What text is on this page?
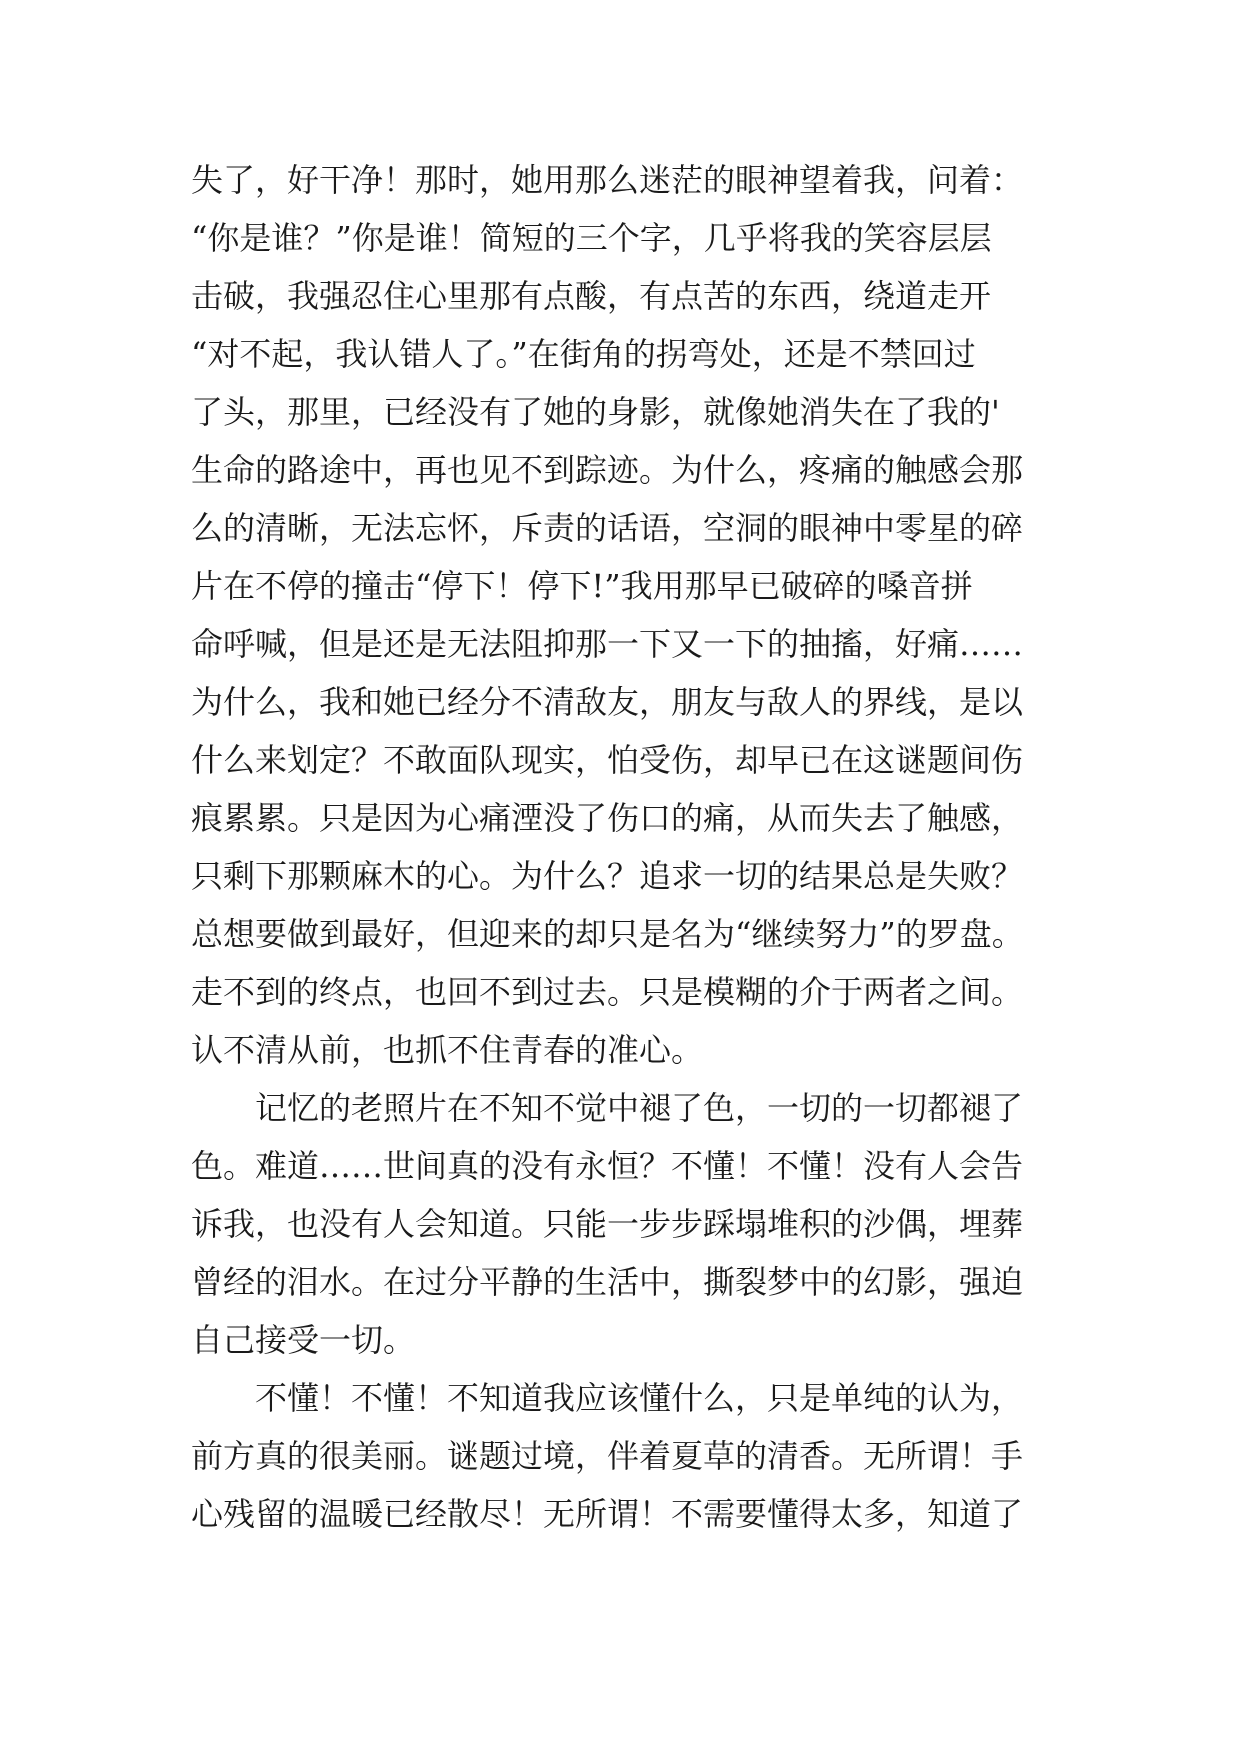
失了，好干净！那时，她用那么迷茫的眼神望着我，问着：
“你是谁？”你是谁！简短的三个字，几乎将我的笑容层层
击破，我强忍住心里那有点酸，有点苦的东西，绕道走开
“对不起，我认错人了。”在街角的拐弯处，还是不禁回过
了头，那里，已经没有了她的身影，就像她消失在了我的'
生命的路途中，再也见不到踪迹。为什么，疼痛的触感会那
么的清晰，无法忘怀，斥责的话语，空洞的眼神中零星的碎
片在不停的撞击“停下！停下!”我用那早已破碎的嗓音拼
命呼喊，但是还是无法阻抑那一下又一下的抽搐，好痛……
为什么，我和她已经分不清敌友，朋友与敌人的界线，是以
什么来划定？不敢面队现实，怕受伤，却早已在这谜题间伤
痕累累。只是因为心痛湮没了伤口的痛，从而失去了触感，
只剩下那颗麻木的心。为什么？追求一切的结果总是失败？
总想要做到最好，但迎来的却只是名为“继续努力”的罗盘。
走不到的终点，也回不到过去。只是模糊的介于两者之间。
认不清从前，也抓不住青春的准心。
记忆的老照片在不知不觉中褪了色，一切的一切都褪了
色。难道……世间真的没有永恒？不懂！不懂！没有人会告
诉我，也没有人会知道。只能一步步踩塌堆积的沙偶，埋葬
曾经的泪水。在过分平静的生活中，撕裂梦中的幻影，强迫
自己接受一切。
不懂！不懂！不知道我应该懂什么，只是单纯的认为，
前方真的很美丽。谜题过境，伴着夏草的清香。无所谓！手
心残留的温暖已经散尽！无所谓！不需要懂得太多，知道了
